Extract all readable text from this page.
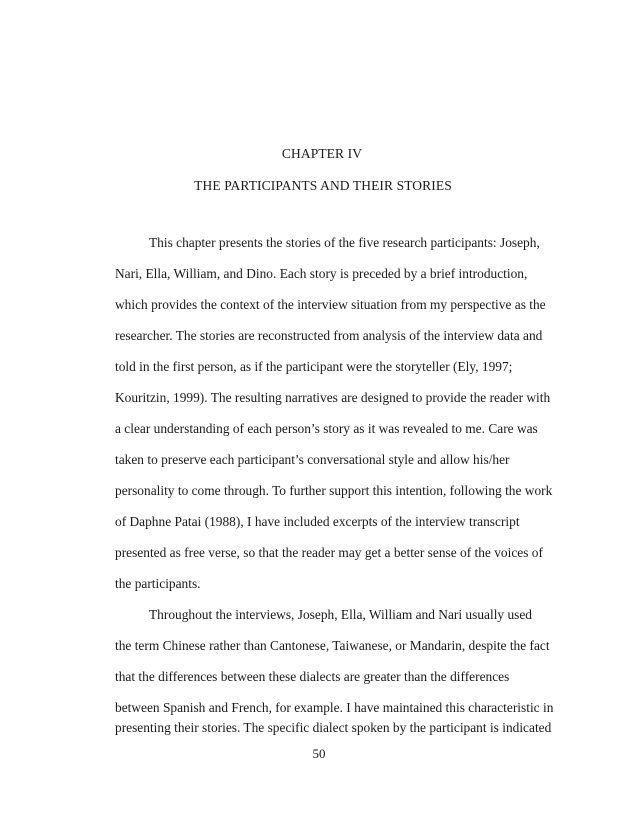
CHAPTER IV
THE PARTICIPANTS AND THEIR STORIES
This chapter presents the stories of the five research participants: Joseph,
Nari, Ella, William, and Dino. Each story is preceded by a brief introduction,
which provides the context of the interview situation from my perspective as the
researcher. The stories are reconstructed from analysis of the interview data and
told in the first person, as if the participant were the storyteller (Ely, 1997;
Kouritzin, 1999). The resulting narratives are designed to provide the reader with
a clear understanding of each person’s story as it was revealed to me. Care was
taken to preserve each participant’s conversational style and allow his/her
personality to come through. To further support this intention, following the work
of Daphne Patai (1988), I have included excerpts of the interview transcript
presented as free verse, so that the reader may get a better sense of the voices of
the participants.
Throughout the interviews, Joseph, Ella, William and Nari usually used
the term Chinese rather than Cantonese, Taiwanese, or Mandarin, despite the fact
that the differences between these dialects are greater than the differences
between Spanish and French, for example. I have maintained this characteristic in
presenting their stories. The specific dialect spoken by the participant is indicated
50
